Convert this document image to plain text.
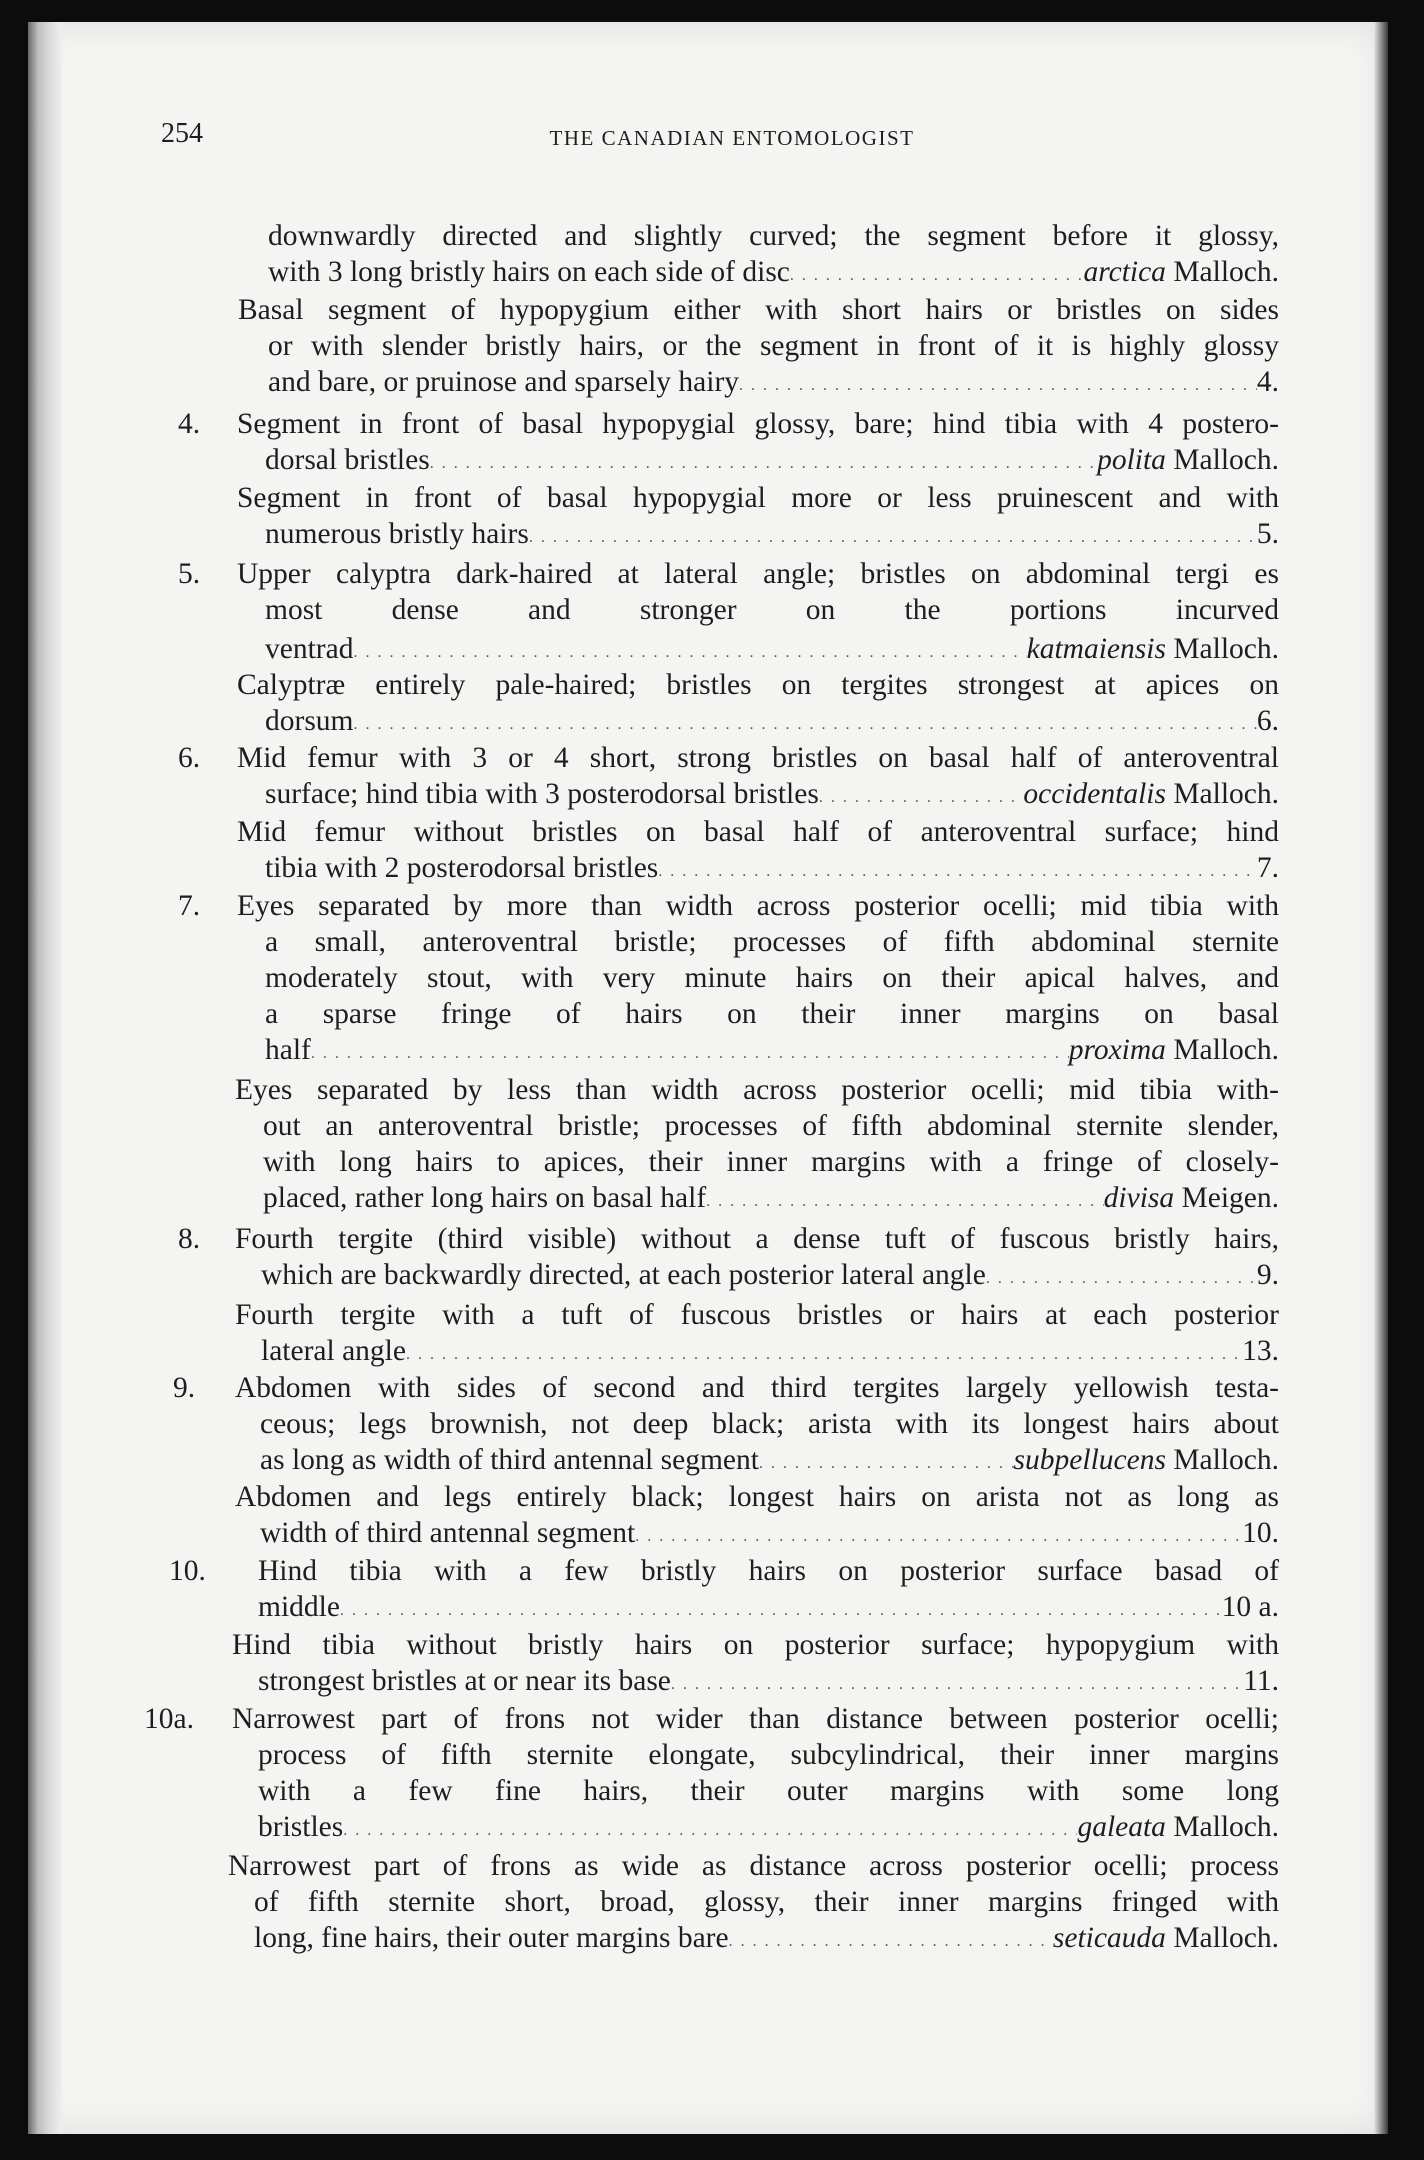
254	THE CANADIAN ENTOMOLOGIST
downwardly directed and slightly curved; the segment before it glossy,
with 3 long bristly hairs on each side of disc . . .	arctica Malloch.
Basal segment of hypopygium either with short hairs or bristles on sides
or with slender bristly hairs, or the segment in front of it is highly glossy
and bare, or pruinose and sparsely hairy . . .	4.
4. Segment in front of basal hypopygial glossy, bare; hind tibia with 4 postero-
dorsal bristles . . .	polita Malloch.
Segment in front of basal hypopygial more or less pruinescent and with
numerous bristly hairs . . .	5.
5. Upper calyptra dark-haired at lateral angle; bristles on abdominal tergi es
most dense and stronger on the portions incurved
ventrad . . .	katmaiensis Malloch.
Calyptræ entirely pale-haired; bristles on tergites strongest at apices on
dorsum . . .	6.
6. Mid femur with 3 or 4 short, strong bristles on basal half of anteroventral
surface; hind tibia with 3 posterodorsal bristles . . .	occidentalis Malloch.
Mid femur without bristles on basal half of anteroventral surface; hind
tibia with 2 posterodorsal bristles . . .	7.
7. Eyes separated by more than width across posterior ocelli; mid tibia with
a small, anteroventral bristle; processes of fifth abdominal sternite
moderately stout, with very minute hairs on their apical halves, and
a sparse fringe of hairs on their inner margins on basal
half . . .	proxima Malloch.
Eyes separated by less than width across posterior ocelli; mid tibia with-
out an anteroventral bristle; processes of fifth abdominal sternite slender,
with long hairs to apices, their inner margins with a fringe of closely-
placed, rather long hairs on basal half . . .	divisa Meigen.
8. Fourth tergite (third visible) without a dense tuft of fuscous bristly hairs,
which are backwardly directed, at each posterior lateral angle . . .	9.
Fourth tergite with a tuft of fuscous bristles or hairs at each posterior
lateral angle . . .	13.
9. Abdomen with sides of second and third tergites largely yellowish testa-
ceous; legs brownish, not deep black; arista with its longest hairs about
as long as width of third antennal segment . . .	subpellucens Malloch.
Abdomen and legs entirely black; longest hairs on arista not as long as
width of third antennal segment . . .	10.
10. Hind tibia with a few bristly hairs on posterior surface basad of
middle . . .	10 a.
Hind tibia without bristly hairs on posterior surface; hypopygium with
strongest bristles at or near its base . . .	11.
10a. Narrowest part of frons not wider than distance between posterior ocelli;
process of fifth sternite elongate, subcylindrical, their inner margins
with a few fine hairs, their outer margins with some long
bristles . . .	galeata Malloch.
Narrowest part of frons as wide as distance across posterior ocelli; process
of fifth sternite short, broad, glossy, their inner margins fringed with
long, fine hairs, their outer margins bare . . .	seticauda Malloch.
